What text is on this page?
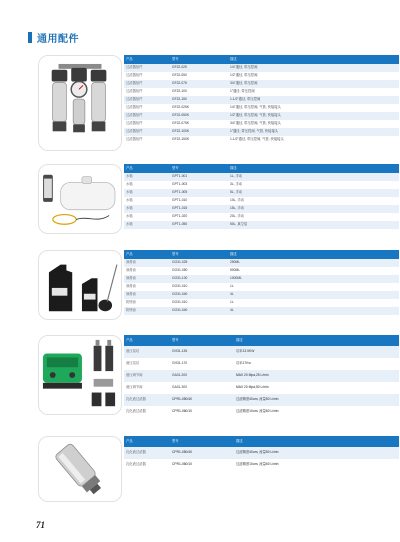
通用配件
产品	型号	描述
过滤器组件	GF22-025	1/4"通径, 带压控阀
过滤器组件	GF22-050	1/2"通径, 带压控阀
过滤器组件	GF22-075	3/4"通径, 带压控阀
过滤器组件	GF22-100	1"通径, 带压控阀
过滤器组件	GF22-150	1-1/2"通径, 带压控阀
过滤器组件	GF22-025K	1/4"通径, 带压控阀, 气管, 快接接头
过滤器组件	GF22-050K	1/2"通径, 带压控阀, 气管, 快接接头
过滤器组件	GF22-075K	3/4"通径, 带压控阀, 气管, 快接接头
过滤器组件	GF22-100K	1"通径, 带压控阀, 气管, 快接接头
过滤器组件	GF22-150K	1-1/2"通径, 带压控阀, 气管, 快接接头
产品	型号	描述
水箱	GPT1-001	1L, 手动
水箱	GPT1-003	3L, 手动
水箱	GPT1-005	5L, 手动
水箱	GPT1-010	10L, 手动
水箱	GPT1-015	15L, 手动
水箱	GPT1-020	20L, 手动
水箱	GPT1-050	50L, 真空泵
产品	型号	描述
润滑油	GO31-025	250ML
润滑油	GO31-050	500ML
润滑油	GO31-100	1000ML
润滑油	GO31-010	1L
润滑油	GO31-040	4L
防锈油	GO31-010	1L
防锈油	GO31-040	4L
产品	型号	描述
液压泵站	GH31-135	功率13.5KW
液压泵站	GH31-170	功率17Kw
液压调节阀	GA31-200	MAX 20 Mpa,25 L/min
液压调节阀	GA31-300	MAX 20 Mpa,50 L/min
乳化液过滤器	CPR1-050/40	过滤精度40um, 流量50 L/min
乳化液过滤器	CPR1-060/10	过滤精度10um, 流量60 L/min
产品	型号	描述
乳化液过滤器	CPR1-050/40	过滤精度40um, 流量50 L/min
乳化液过滤器	CPR1-060/10	过滤精度10um, 流量60 L/min
71
